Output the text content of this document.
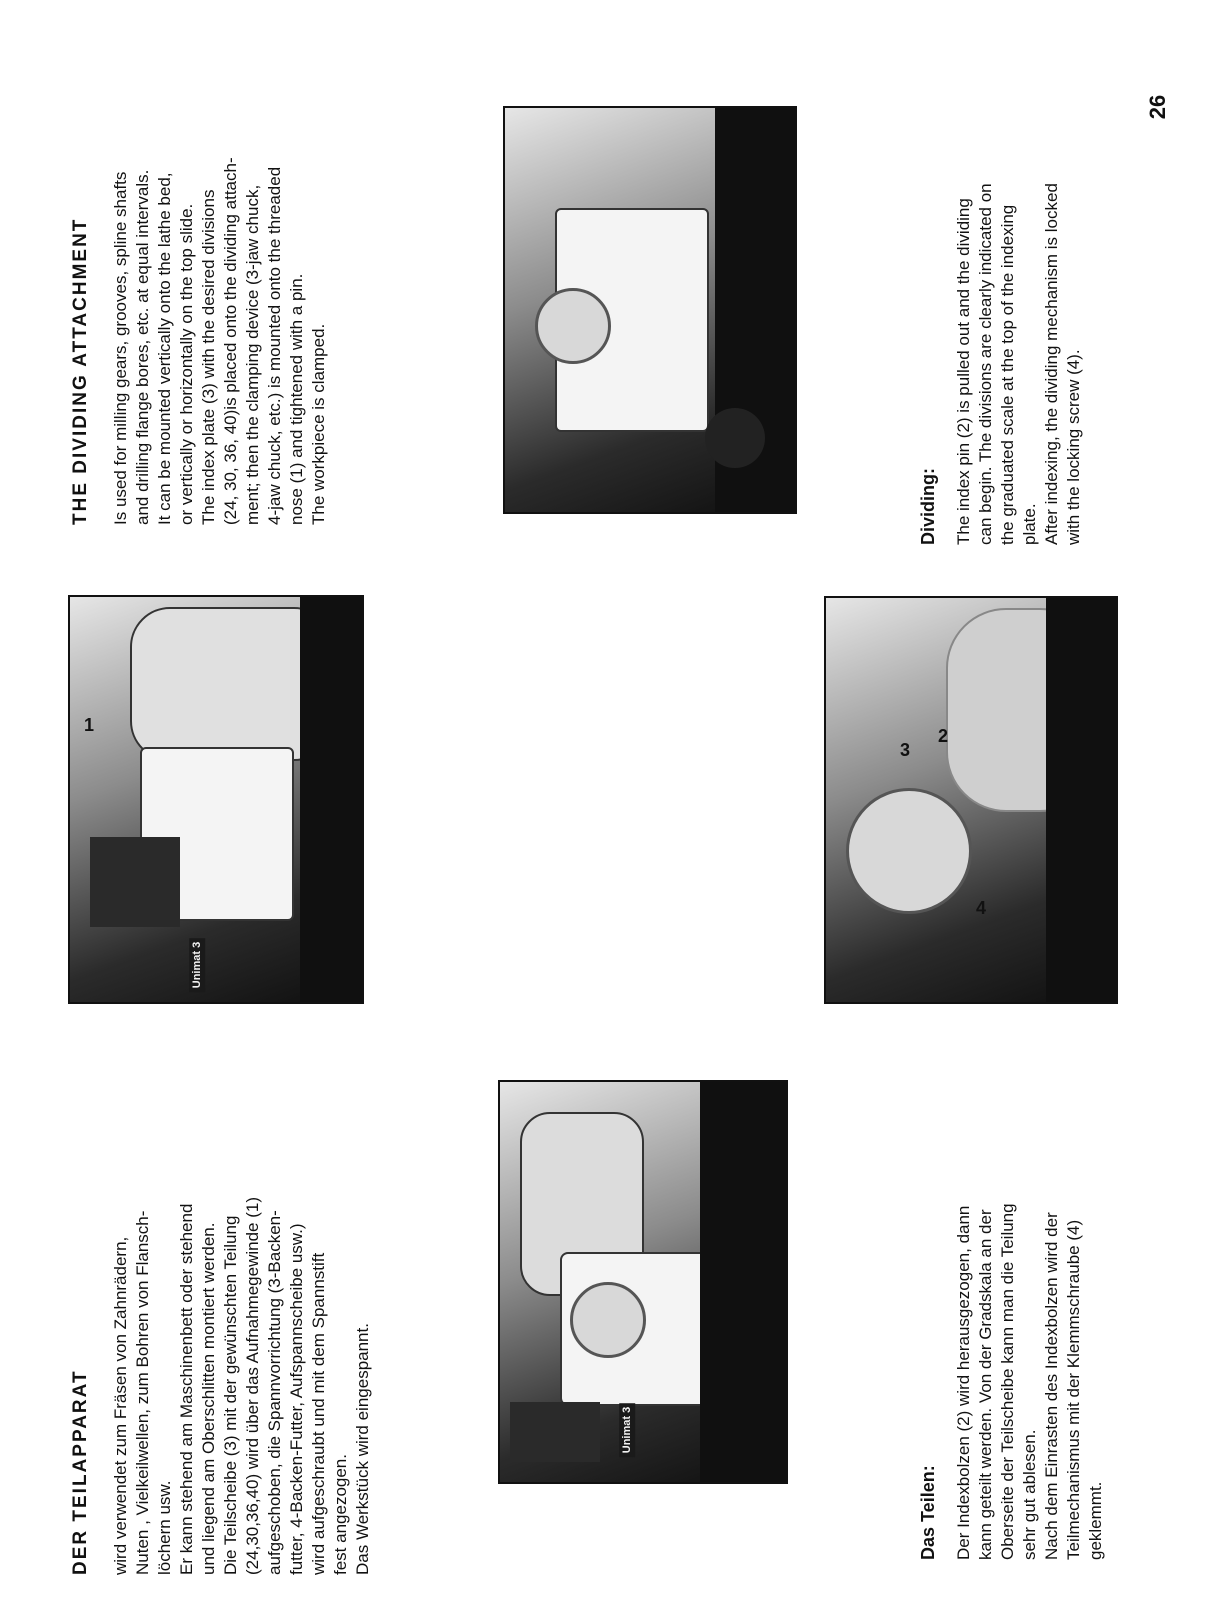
DER TEILAPPARAT wird verwendet zum Fräsen von Zahnrädern, Nuten , Vielkeilwellen, zum Bohren von Flansch- löchern usw. Er kann stehend am Maschinenbett oder stehend und liegend am Oberschlitten montiert werden. Die Teilscheibe (3) mit der gewünschten Teilung (24,30,36,40) wird über das Aufnahmegewinde (1) aufgeschoben, die Spannvorrichtung (3-Backen- futter, 4-Backen-Futter, Aufspannscheibe usw.) wird aufgeschraubt und mit dem Spannstift fest angezogen. Das Werkstück wird eingespannt.	Das Teilen: Der Indexbolzen (2) wird herausgezogen, dann kann geteilt werden. Von der Gradskala an der Oberseite der Teilscheibe kann man die Teilung sehr gut ablesen. Nach dem Einrasten des Indexbolzen wird der Teilmechanismus mit der Klemmschraube (4) geklemmt.

THE DIVIDING ATTACHMENT Is used for milling gears, grooves, spline shafts and drilling flange bores, etc. at equal intervals. It can be mounted vertically onto the lathe bed, or vertically or horizontally on the top slide. The index plate (3) with the desired divisions (24, 30, 36, 40)is placed onto the dividing attach- ment; then the clamping device (3-jaw chuck, 4-jaw chuck, etc.) is mounted onto the threaded nose (1) and tightened with a pin. The workpiece is clamped.	Dividing: The index pin (2) is pulled out and the dividing can begin. The divisions are clearly indicated on the graduated scale at the top of the indexing plate. After indexing, the dividing mechanism is locked with the locking screw (4).

Unimat 3
Unimat 3
1
2
3
4
26
